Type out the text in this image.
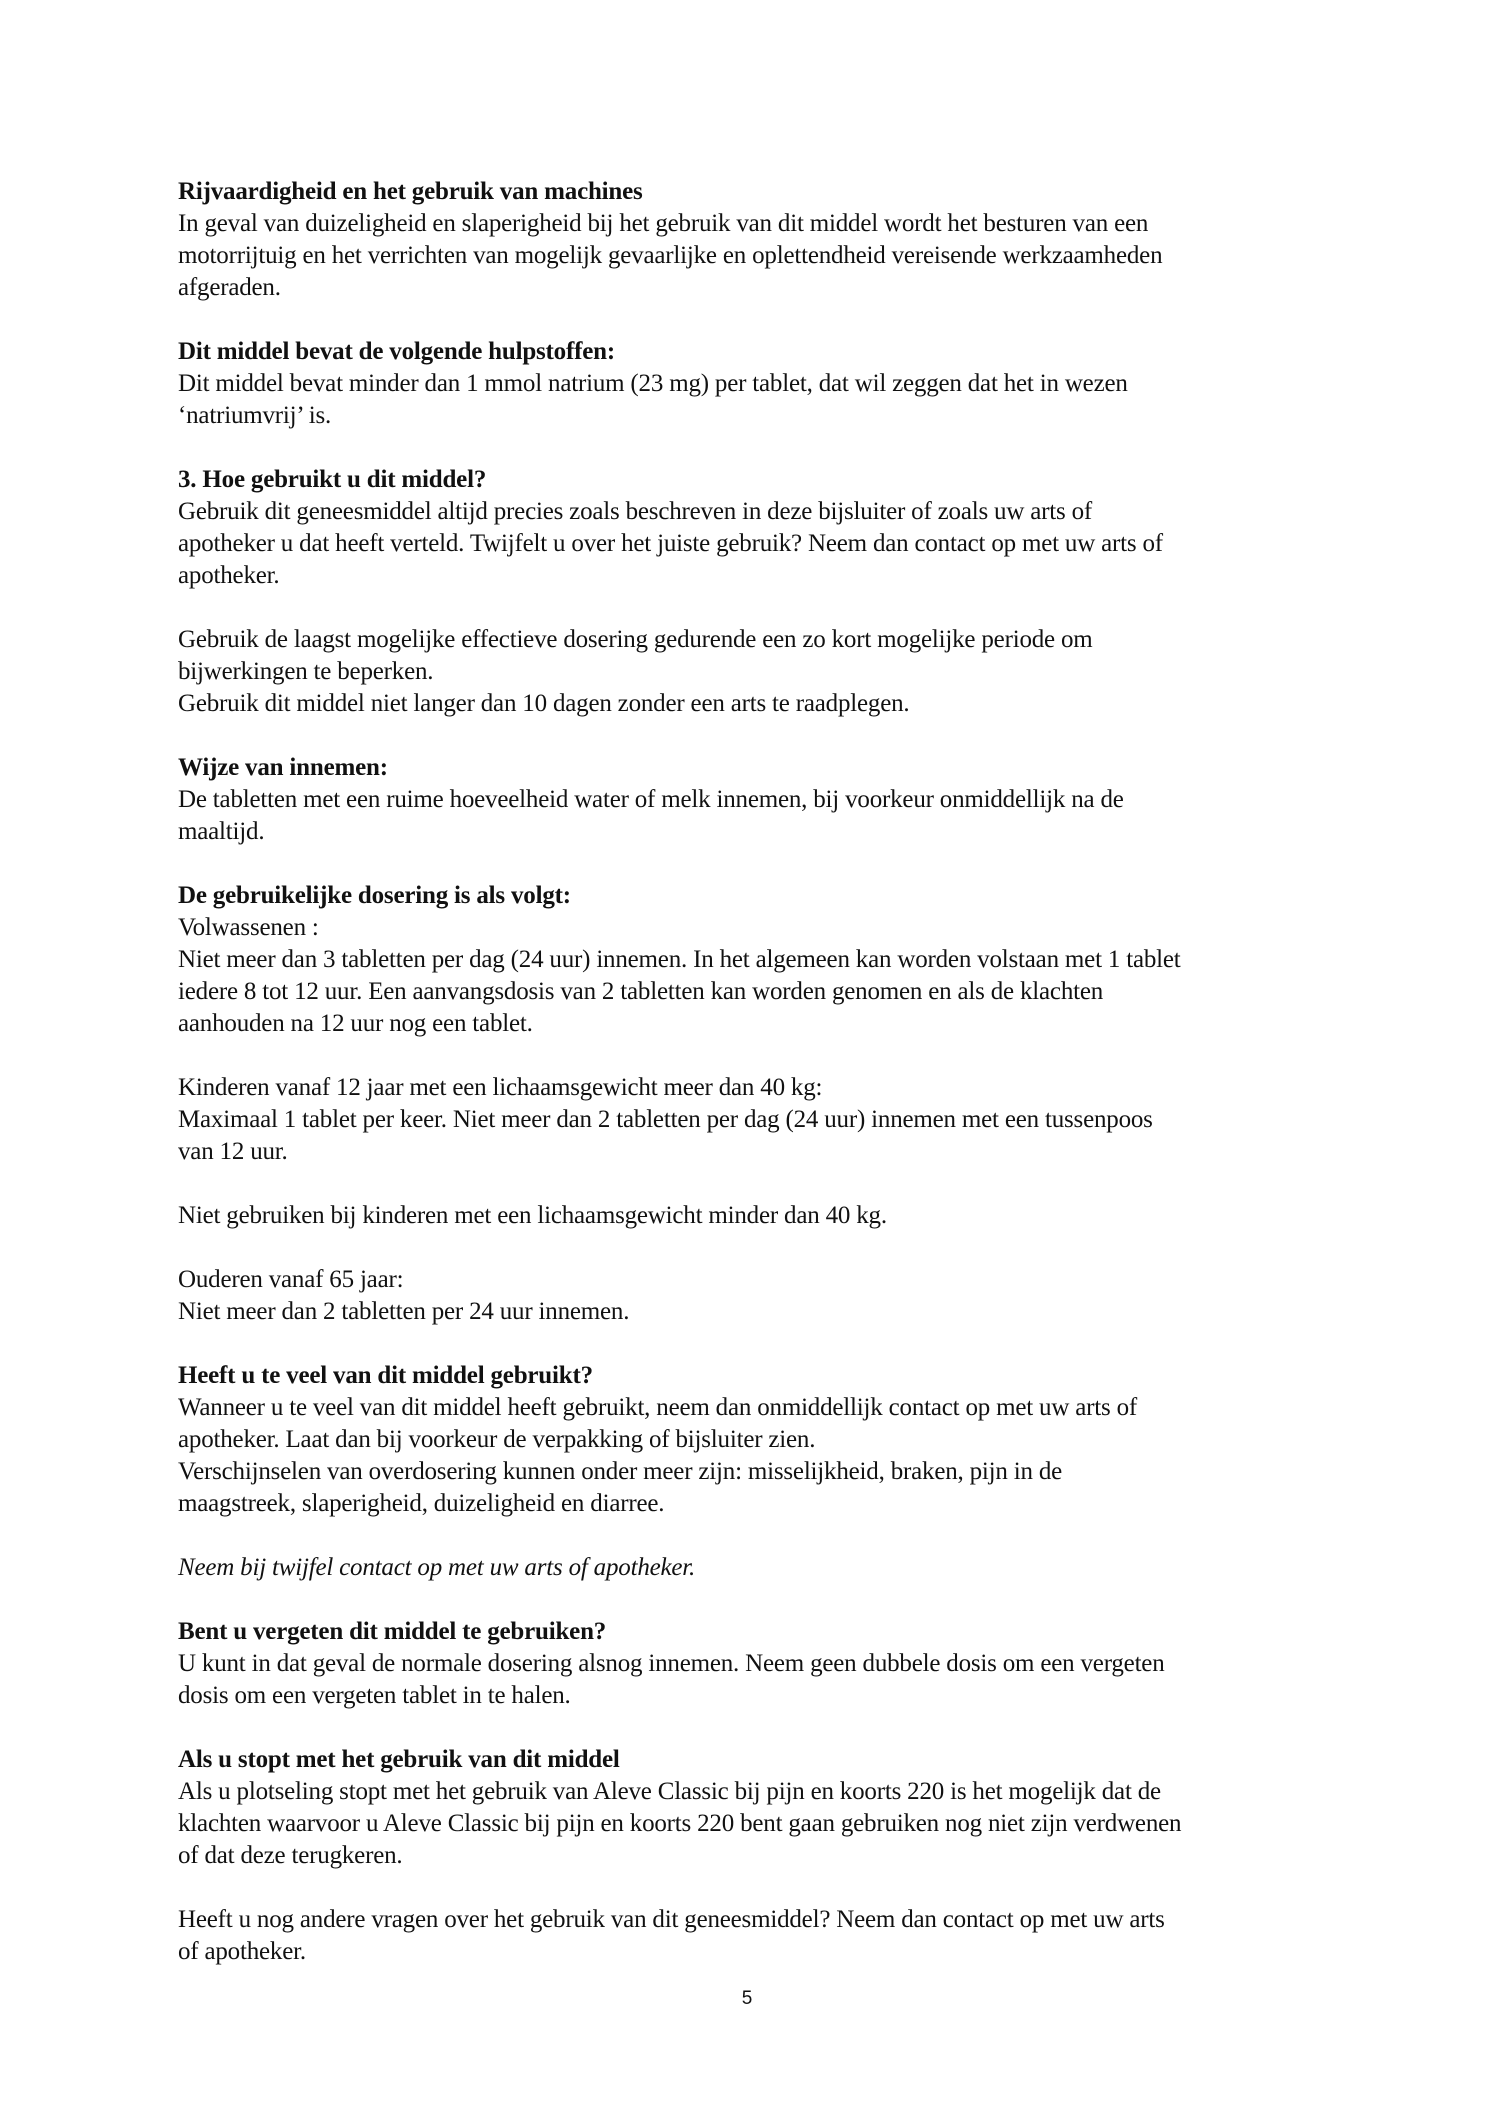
Rijvaardigheid en het gebruik van machines
In geval van duizeligheid en slaperigheid bij het gebruik van dit middel wordt het besturen van een
motorrijtuig en het verrichten van mogelijk gevaarlijke en oplettendheid vereisende werkzaamheden
afgeraden.
Dit middel bevat de volgende hulpstoffen:
Dit middel bevat minder dan 1 mmol natrium (23 mg) per tablet, dat wil zeggen dat het in wezen
‘natriumvrij’ is.
3. Hoe gebruikt u dit middel?
Gebruik dit geneesmiddel altijd precies zoals beschreven in deze bijsluiter of zoals uw arts of
apotheker u dat heeft verteld. Twijfelt u over het juiste gebruik? Neem dan contact op met uw arts of
apotheker.
Gebruik de laagst mogelijke effectieve dosering gedurende een zo kort mogelijke periode om
bijwerkingen te beperken.
Gebruik dit middel niet langer dan 10 dagen zonder een arts te raadplegen.
Wijze van innemen:
De tabletten met een ruime hoeveelheid water of melk innemen, bij voorkeur onmiddellijk na de
maaltijd.
De gebruikelijke dosering is als volgt:
Volwassenen :
Niet meer dan 3 tabletten per dag (24 uur) innemen. In het algemeen kan worden volstaan met 1 tablet
iedere 8 tot 12 uur. Een aanvangsdosis van 2 tabletten kan worden genomen en als de klachten
aanhouden na 12 uur nog een tablet.
Kinderen vanaf 12 jaar met een lichaamsgewicht meer dan 40 kg:
Maximaal 1 tablet per keer. Niet meer dan 2 tabletten per dag (24 uur) innemen met een tussenpoos
van 12 uur.
Niet gebruiken bij kinderen met een lichaamsgewicht minder dan 40 kg.
Ouderen vanaf 65 jaar:
Niet meer dan 2 tabletten per 24 uur innemen.
Heeft u te veel van dit middel gebruikt?
Wanneer u te veel van dit middel heeft gebruikt, neem dan onmiddellijk contact op met uw arts of
apotheker. Laat dan bij voorkeur de verpakking of bijsluiter zien.
Verschijnselen van overdosering kunnen onder meer zijn: misselijkheid, braken, pijn in de
maagstreek, slaperigheid, duizeligheid en diarree.
Neem bij twijfel contact op met uw arts of apotheker.
Bent u vergeten dit middel te gebruiken?
U kunt in dat geval de normale dosering alsnog innemen. Neem geen dubbele dosis om een vergeten
dosis om een vergeten tablet in te halen.
Als u stopt met het gebruik van dit middel
Als u plotseling stopt met het gebruik van Aleve Classic bij pijn en koorts 220 is het mogelijk dat de
klachten waarvoor u Aleve Classic bij pijn en koorts 220 bent gaan gebruiken nog niet zijn verdwenen
of dat deze terugkeren.
Heeft u nog andere vragen over het gebruik van dit geneesmiddel? Neem dan contact op met uw arts
of apotheker.
5
